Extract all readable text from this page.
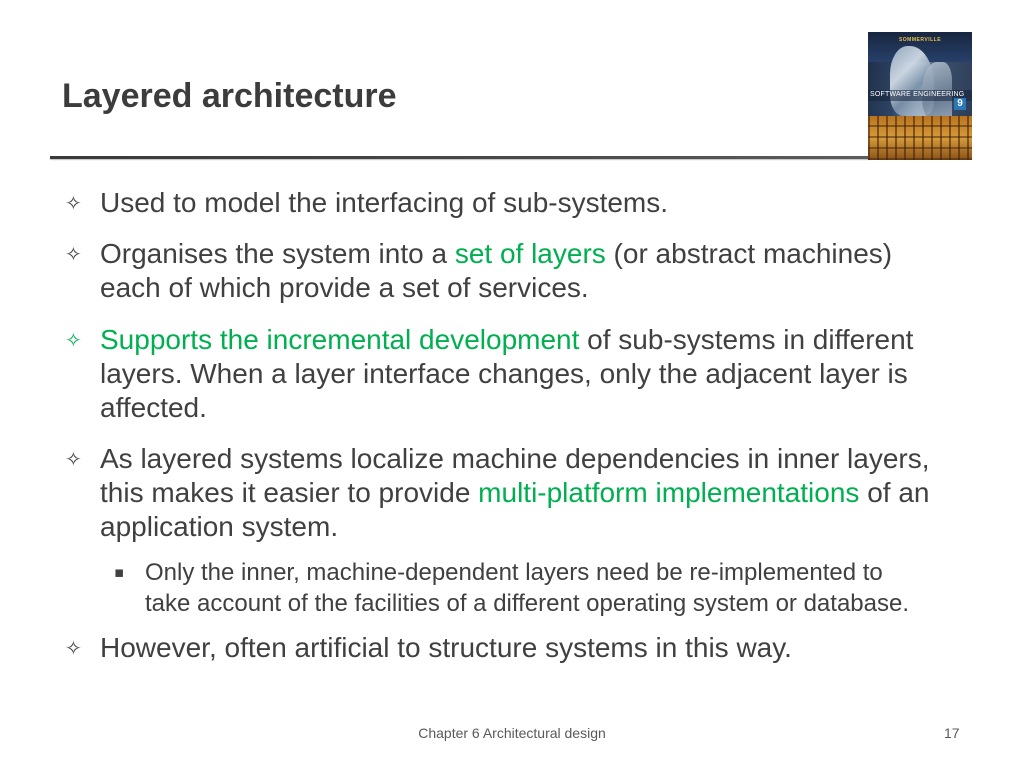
Layered architecture
SOMMERVILLE
SOFTWARE ENGINEERING
9
✧ Used to model the interfacing of sub-systems.
✧ Organises the system into a set of layers (or abstract machines)
each of which provide a set of services.
✧ Supports the incremental development of sub-systems in different
layers. When a layer interface changes, only the adjacent layer is
affected.
✧ As layered systems localize machine dependencies in inner layers,
this makes it easier to provide multi-platform implementations of an
application system.
▪ Only the inner, machine-dependent layers need be re-implemented to
take account of the facilities of a different operating system or database.
✧ However, often artificial to structure systems in this way.
Chapter 6 Architectural design	17
